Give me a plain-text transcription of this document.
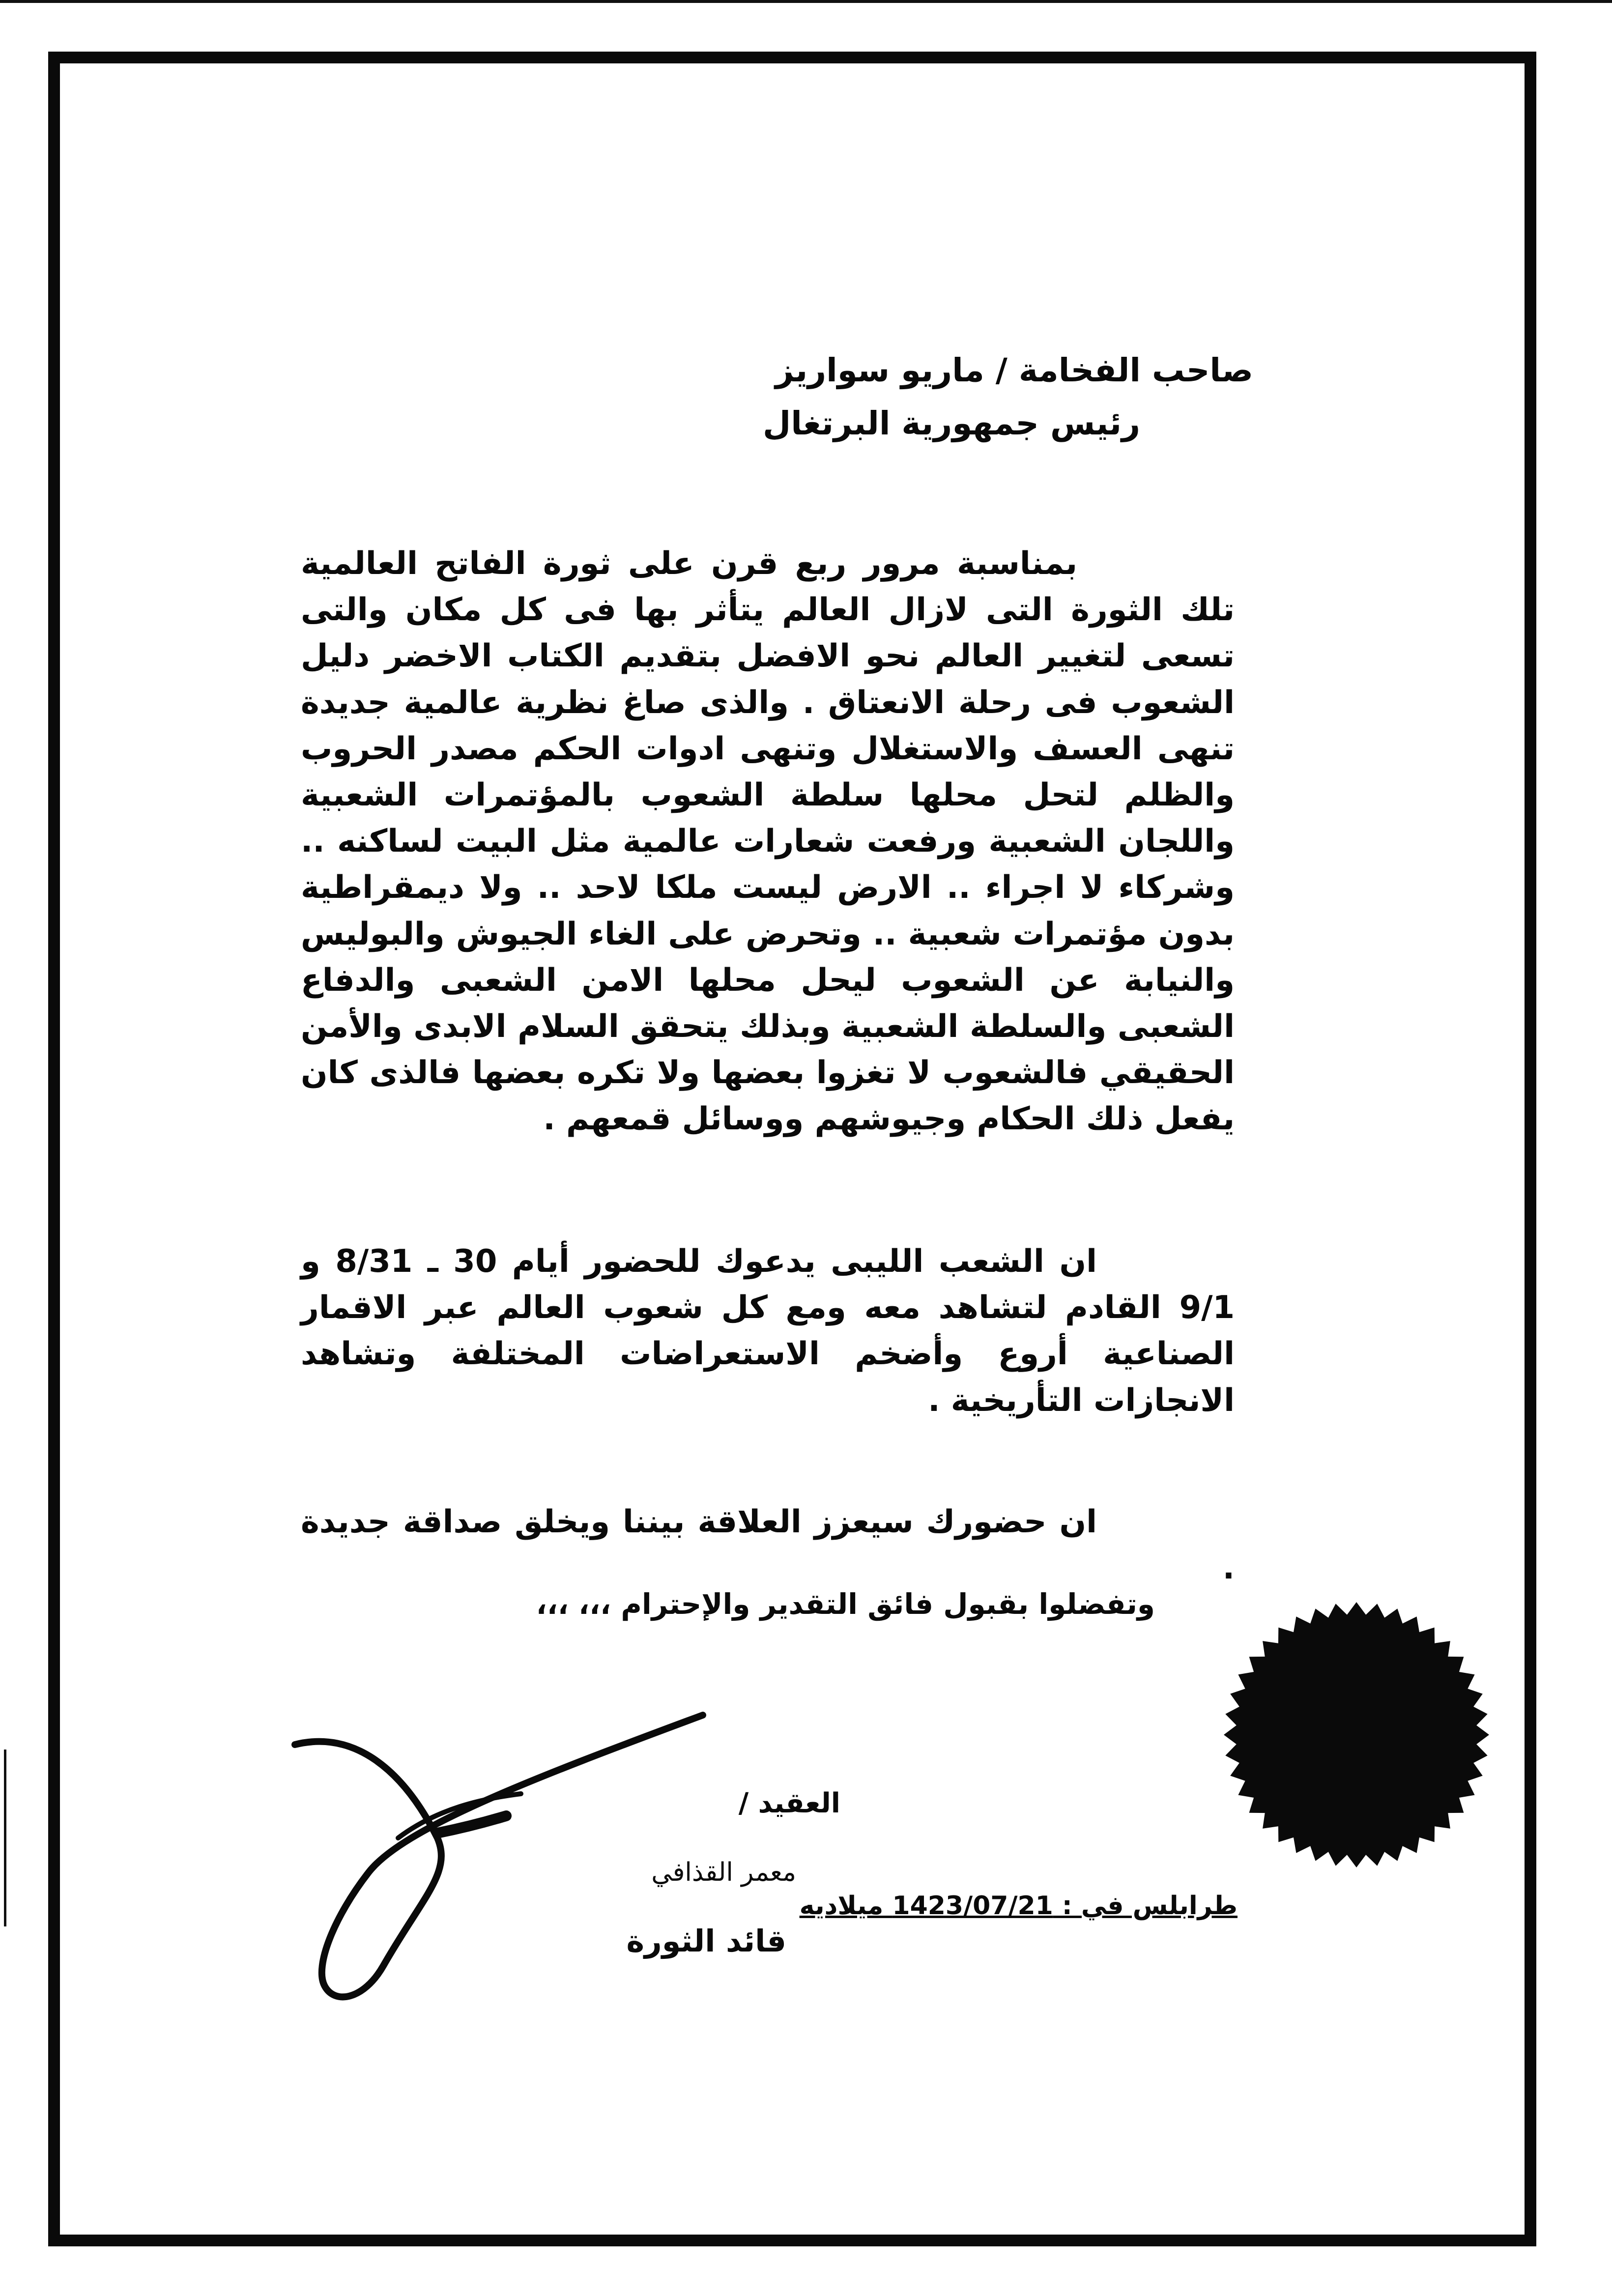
صاحب الفخامة / ماريو سواريز
رئيس جمهورية البرتغال
بمناسبة مرور ربع قرن على ثورة الفاتح العالمية تلك الثورة التى لازال العالم يتأثر بها فى كل مكان والتى تسعى لتغيير العالم نحو الافضل بتقديم الكتاب الاخضر دليل الشعوب فى رحلة الانعتاق . والذى صاغ نظرية عالمية جديدة تنهى العسف والاستغلال وتنهى ادوات الحكم مصدر الحروب والظلم لتحل محلها سلطة الشعوب بالمؤتمرات الشعبية واللجان الشعبية ورفعت شعارات عالمية مثل البيت لساكنه .. وشركاء لا اجراء .. الارض ليست ملكا لاحد .. ولا ديمقراطية بدون مؤتمرات شعبية .. وتحرض على الغاء الجيوش والبوليس والنيابة عن الشعوب ليحل محلها الامن الشعبى والدفاع الشعبى والسلطة الشعبية وبذلك يتحقق السلام الابدى والأمن الحقيقي فالشعوب لا تغزوا بعضها ولا تكره بعضها فالذى كان يفعل ذلك الحكام وجيوشهم ووسائل قمعهم .
ان الشعب الليبى يدعوك للحضور أيام 30 ـ 8/31 و 9/1 القادم لتشاهد معه ومع كل شعوب العالم عبر الاقمار الصناعية أروع وأضخم الاستعراضات المختلفة وتشاهد الانجازات التأريخية .
ان حضورك سيعزز العلاقة بيننا ويخلق صداقة جديدة .
وتفضلوا بقبول فائق التقدير والإحترام ،،، ،،،
العقيد /
معمر القذافي
قائد الثورة
طرابلس في : 1423/07/21 ميلاديه
